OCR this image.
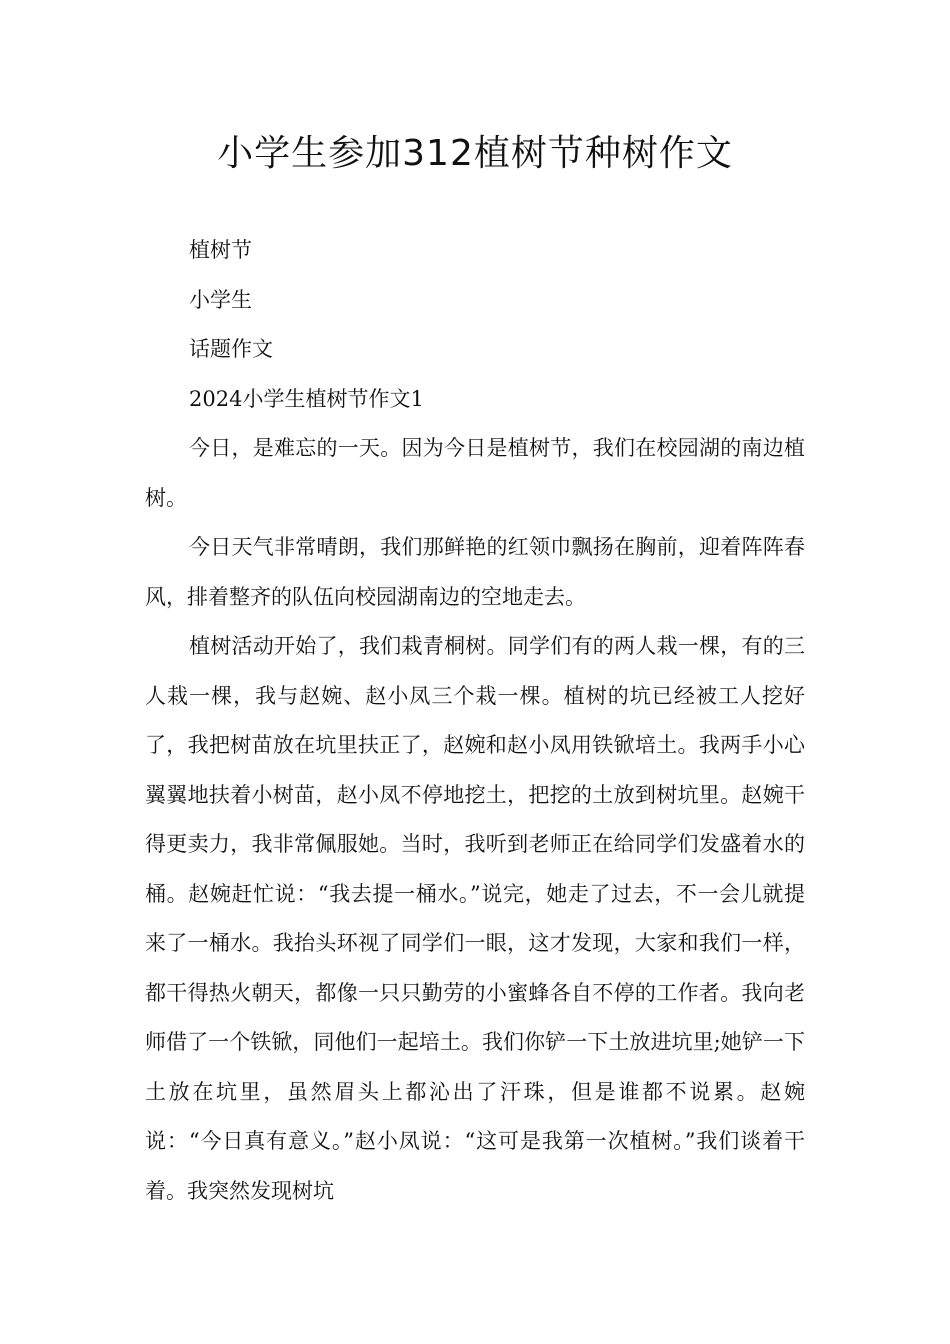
小学生参加312植树节种树作文

植树节

小学生

话题作文

2024小学生植树节作文1

今日，是难忘的一天。因为今日是植树节，我们在校园湖的南边植树。

今日天气非常晴朗，我们那鲜艳的红领巾飘扬在胸前，迎着阵阵春风，排着整齐的队伍向校园湖南边的空地走去。

植树活动开始了，我们栽青桐树。同学们有的两人栽一棵，有的三人栽一棵，我与赵婉、赵小凤三个栽一棵。植树的坑已经被工人挖好了，我把树苗放在坑里扶正了，赵婉和赵小凤用铁锨培土。我两手小心翼翼地扶着小树苗，赵小凤不停地挖土，把挖的土放到树坑里。赵婉干得更卖力，我非常佩服她。当时，我听到老师正在给同学们发盛着水的桶。赵婉赶忙说：“我去提一桶水。”说完，她走了过去，不一会儿就提来了一桶水。我抬头环视了同学们一眼，这才发现，大家和我们一样，都干得热火朝天，都像一只只勤劳的小蜜蜂各自不停的工作者。我向老师借了一个铁锨，同他们一起培土。我们你铲一下土放进坑里;她铲一下土放在坑里，虽然眉头上都沁出了汗珠，但是谁都不说累。赵婉说：“今日真有意义。”赵小凤说：“这可是我第一次植树。”我们谈着干着。我突然发现树坑
